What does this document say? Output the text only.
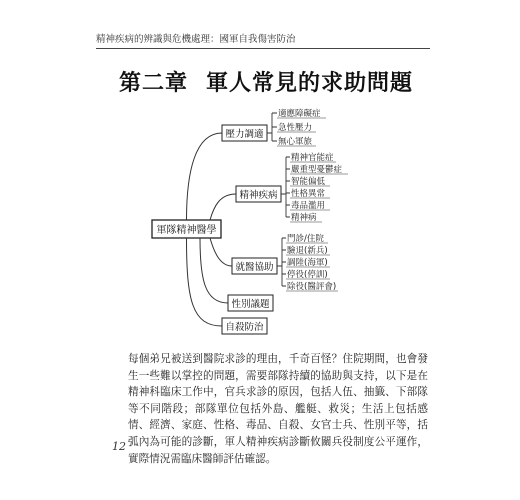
精神疾病的辨識與危機處理：國軍自我傷害防治
第二章 軍人常見的求助問題
軍隊精神醫學
壓力調適
適應障礙症
急性壓力
無心軍旅
精神疾病
精神官能症
嚴重型憂鬱症
智能偏低
性格異常
毒品濫用
精神病
就醫協助
門診/住院
驗退(新兵)
調陸(海軍)
停役(停訓)
除役(醫評會)
性別議題
自殺防治
每個弟兄被送到醫院求診的理由，千奇百怪？住院期間，也會發生一些難以掌控的問題，需要部隊持續的協助與支持，以下是在精神科臨床工作中，官兵求診的原因，包括人伍、抽籤、下部隊等不同階段；部隊單位包括外島、艦艇、救災；生活上包括感情、經濟、家庭、性格、毒品、自殺、女官士兵、性別平等，括弧內為可能的診斷，軍人精神疾病診斷攸關兵役制度公平運作，實際情況需臨床醫師評估確認。
12
